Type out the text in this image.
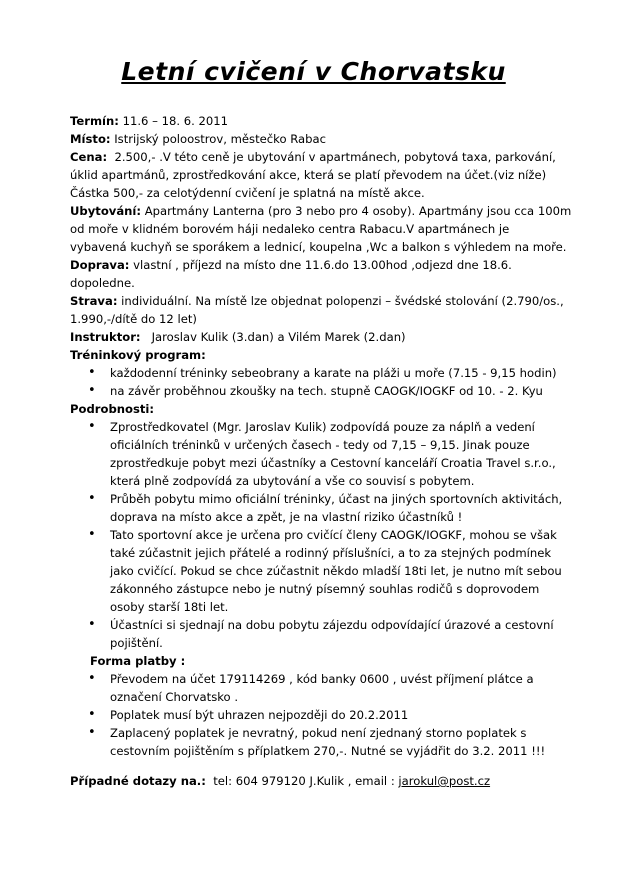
Letní cvičení v Chorvatsku

Termín: 11.6 – 18. 6. 2011

Místo: Istrijský poloostrov, městečko Rabac

Cena:  2.500,- .V této ceně je ubytování v apartmánech, pobytová taxa, parkování,
úklid apartmánů, zprostředkování akce, která se platí převodem na účet.(viz níže)
Částka 500,- za celotýdenní cvičení je splatná na místě akce.

Ubytování: Apartmány Lanterna (pro 3 nebo pro 4 osoby). Apartmány jsou cca 100m
od moře v klidném borovém háji nedaleko centra Rabacu.V apartmánech je
vybavená kuchyň se sporákem a lednicí, koupelna ,Wc a balkon s výhledem na moře.

Doprava: vlastní , příjezd na místo dne 11.6.do 13.00hod ,odjezd dne 18.6.
dopoledne.

Strava: individuální. Na místě lze objednat polopenzi – švédské stolování (2.790/os.,
1.990,-/dítě do 12 let)

Instruktor:   Jaroslav Kulik (3.dan) a Vilém Marek (2.dan)

Tréninkový program:

• každodenní tréninky sebeobrany a karate na pláži u moře (7.15 - 9,15 hodin)
• na závěr proběhnou zkoušky na tech. stupně CAOGK/IOGKF od 10. - 2. Kyu

Podrobnosti:

• Zprostředkovatel (Mgr. Jaroslav Kulik) zodpovídá pouze za náplň a vedení oficiálních tréninků v určených časech - tedy od 7,15 – 9,15. Jinak pouze zprostředkuje pobyt mezi účastníky a Cestovní kanceláří Croatia Travel s.r.o., která plně zodpovídá za ubytování a vše co souvisí s pobytem.
• Průběh pobytu mimo oficiální tréninky, účast na jiných sportovních aktivitách, doprava na místo akce a zpět, je na vlastní riziko účastníků !
• Tato sportovní akce je určena pro cvičící členy CAOGK/IOGKF, mohou se však také zúčastnit jejich přátelé a rodinný příslušníci, a to za stejných podmínek jako cvičící. Pokud se chce zúčastnit někdo mladší 18ti let, je nutno mít sebou zákonného zástupce nebo je nutný písemný souhlas rodičů s doprovodem osoby starší 18ti let.
• Účastníci si sjednají na dobu pobytu zájezdu odpovídající úrazové a cestovní pojištění.

Forma platby :

• Převodem na účet 179114269 , kód banky 0600 , uvést příjmení plátce a označení Chorvatsko .
• Poplatek musí být uhrazen nejpozději do 20.2.2011
• Zaplacený poplatek je nevratný, pokud není zjednaný storno poplatek s cestovním pojištěním s příplatkem 270,-. Nutné se vyjádřit do 3.2. 2011 !!!

Případné dotazy na.:  tel: 604 979120 J.Kulik , email : jarokul@post.cz
